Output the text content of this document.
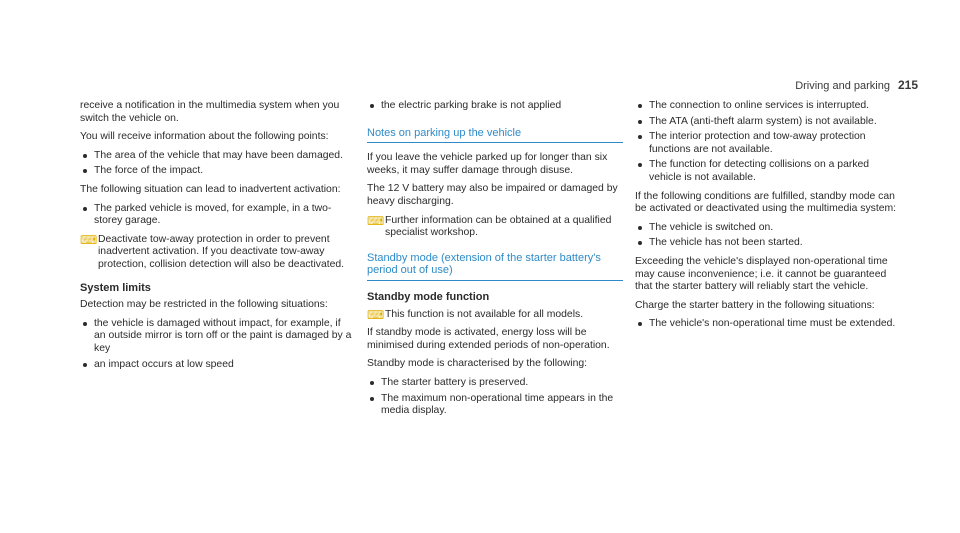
Driving and parking 215

receive a notification in the multimedia system when you switch the vehicle on.

You will receive information about the following points:

The area of the vehicle that may have been damaged.
The force of the impact.

The following situation can lead to inadvertent activation:

The parked vehicle is moved, for example, in a two-storey garage.
⌨ Deactivate tow-away protection in order to prevent inadvertent activation. If you deactivate tow-away protection, collision detection will also be deactivated.
System limits

Detection may be restricted in the following situations:

the vehicle is damaged without impact, for example, if an outside mirror is torn off or the paint is damaged by a key
an impact occurs at low speed
the electric parking brake is not applied
Notes on parking up the vehicle

If you leave the vehicle parked up for longer than six weeks, it may suffer damage through disuse.

The 12 V battery may also be impaired or damaged by heavy discharging.

⌨ Further information can be obtained at a qualified specialist workshop.
Standby mode (extension of the starter battery's period out of use)
Standby mode function
⌨ This function is not available for all models.

If standby mode is activated, energy loss will be minimised during extended periods of non-operation.

Standby mode is characterised by the following:

The starter battery is preserved.
The maximum non-operational time appears in the media display.
The connection to online services is interrupted.
The ATA (anti-theft alarm system) is not available.
The interior protection and tow-away protection functions are not available.
The function for detecting collisions on a parked vehicle is not available.

If the following conditions are fulfilled, standby mode can be activated or deactivated using the multimedia system:

The vehicle is switched on.
The vehicle has not been started.

Exceeding the vehicle's displayed non-operational time may cause inconvenience; i.e. it cannot be guaranteed that the starter battery will reliably start the vehicle.

Charge the starter battery in the following situations:

The vehicle's non-operational time must be extended.
